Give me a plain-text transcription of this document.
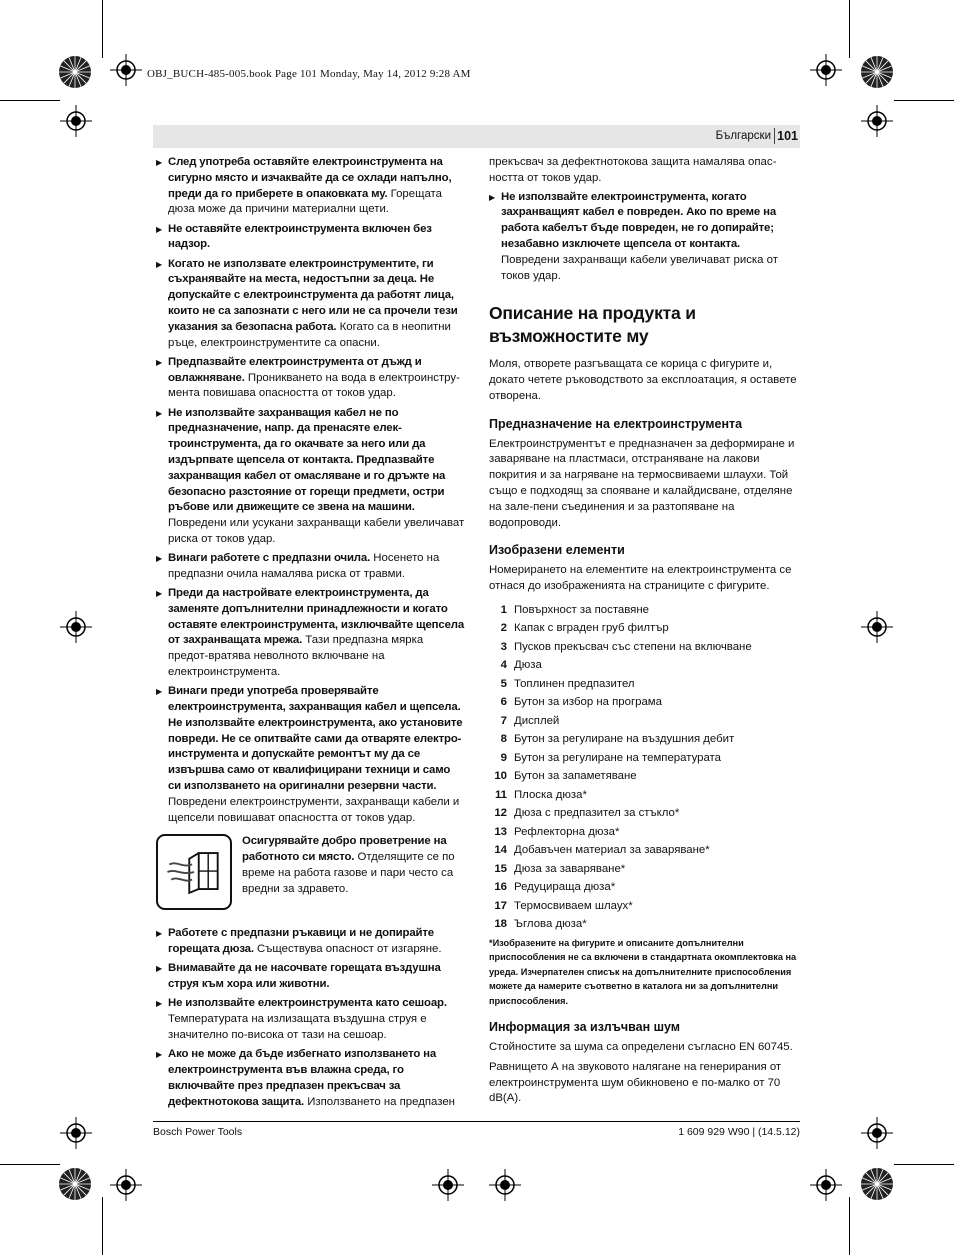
OBJ_BUCH-485-005.book Page 101 Monday, May 14, 2012 9:28 AM
Български 101
▶ След употреба оставяйте електроинструмента на сигурно място и изчаквайте да се охлади напълно, преди да го приберете в опаковката му. Горещата дюза може да причини материални щети.
▶ Не оставяйте електроинструмента включен без надзор.
▶ Когато не използвате електроинструментите, ги съхранявайте на места, недостъпни за деца. Не допускайте с електроинструмента да работят лица, които не са запознати с него или не са прочели тези указания за безопасна работа. Когато са в неопитни ръце, електроинструментите са опасни.
▶ Предпазвайте електроинструмента от дъжд и овлажняване. Проникването на вода в електроинстру-мента повишава опасността от токов удар.
▶ Не използвайте захранващия кабел не по предназначение, напр. да пренасяте елек-троинструмента, да го окачвате за него или да издърпвате щепсела от контакта. Предпазвайте захранващия кабел от омасляване и го дръжте на безопасно разстояние от горещи предмети, остри ръбове или движещите се звена на машини.
Повредени или усукани захранващи кабели увеличават риска от токов удар.
▶ Винаги работете с предпазни очила. Носенето на предпазни очила намалява риска от травми.
▶ Преди да настройвате електроинструмента, да заменяте допълнителни принадлежности и когато оставяте електроинструмента, изключвайте щепсела от захранващата мрежа. Тази предпазна мярка предот-вратява неволното включване на електроинструмента.
▶ Винаги преди употреба проверявайте електроинструмента, захранващия кабел и щепсела. Не използвайте електроинструмента, ако установите повреди. Не се опитвайте сами да отваряте електро-инструмента и допускайте ремонтът му да се извършва само от квалифицирани техници и само си използването на оригинални резервни части.
Повредени електроинструменти, захранващи кабели и щепсели повишават опасността от токов удар.
Осигурявайте добро проветрение на работното си място. Отделящите се по време на работа газове и пари често са вредни за здравето.
▶ Работете с предпазни ръкавици и не допирайте горещата дюза. Съществува опасност от изгаряне.
▶ Внимавайте да не насочвате горещата въздушна струя към хора или животни.
▶ Не използвайте електроинструмента като сешоар.
Температурата на излизащата въздушна струя е значително по-висока от тази на сешоар.
▶ Ако не може да бъде избегнато използването на електроинструмента във влажна среда, го включвайте през предпазен прекъсвач за дефектнотокова защита. Използването на предпазен
прекъсвач за дефектнотокова защита намалява опас-ността от токов удар.
▶ Не използвайте електроинструмента, когато захранващият кабел е повреден. Ако по време на работа кабелът бъде повреден, не го допирайте; незабавно изключете щепсела от контакта.
Повредени захранващи кабели увеличават риска от токов удар.
Описание на продукта и възможностите му
Моля, отворете разгъващата се корица с фигурите и, докато четете ръководството за експлоатация, я оставете отворена.
Предназначение на електроинструмента
Електроинструментът е предназначен за деформиране и заваряване на пластмаси, отстраняване на лакови покрития и за нагряване на термосвиваеми шлаухи. Той също е подходящ за спояване и калайдисване, отделяне на зале-пени съединения и за разтопяване на водопроводи.
Изобразени елементи
Номерирането на елементите на електроинструмента се отнася до изображенията на страниците с фигурите.
1 Повърхност за поставяне
2 Капак с вграден груб филтър
3 Пусков прекъсвач със степени на включване
4 Дюза
5 Топлинен предпазител
6 Бутон за избор на програма
7 Дисплей
8 Бутон за регулиране на въздушния дебит
9 Бутон за регулиране на температурата
10 Бутон за запаметяване
11 Плоска дюза*
12 Дюза с предпазител за стъкло*
13 Рефлекторна дюза*
14 Добавъчен материал за заваряване*
15 Дюза за заваряване*
16 Редуцираща дюза*
17 Термосвиваем шлаух*
18 Ъглова дюза*
*Изобразените на фигурите и описаните допълнителни приспособления не са включени в стандартната окомплектовка на уреда. Изчерпателен списък на допълнителните приспособления можете да намерите съответно в каталога ни за допълнителни приспособления.
Информация за излъчван шум
Стойностите за шума са определени съгласно EN 60745.
Равнището А на звуковото налягане на генерирания от електроинструмента шум обикновено е по-малко от 70 dB(A).
Bosch Power Tools	1 609 929 W90 | (14.5.12)
